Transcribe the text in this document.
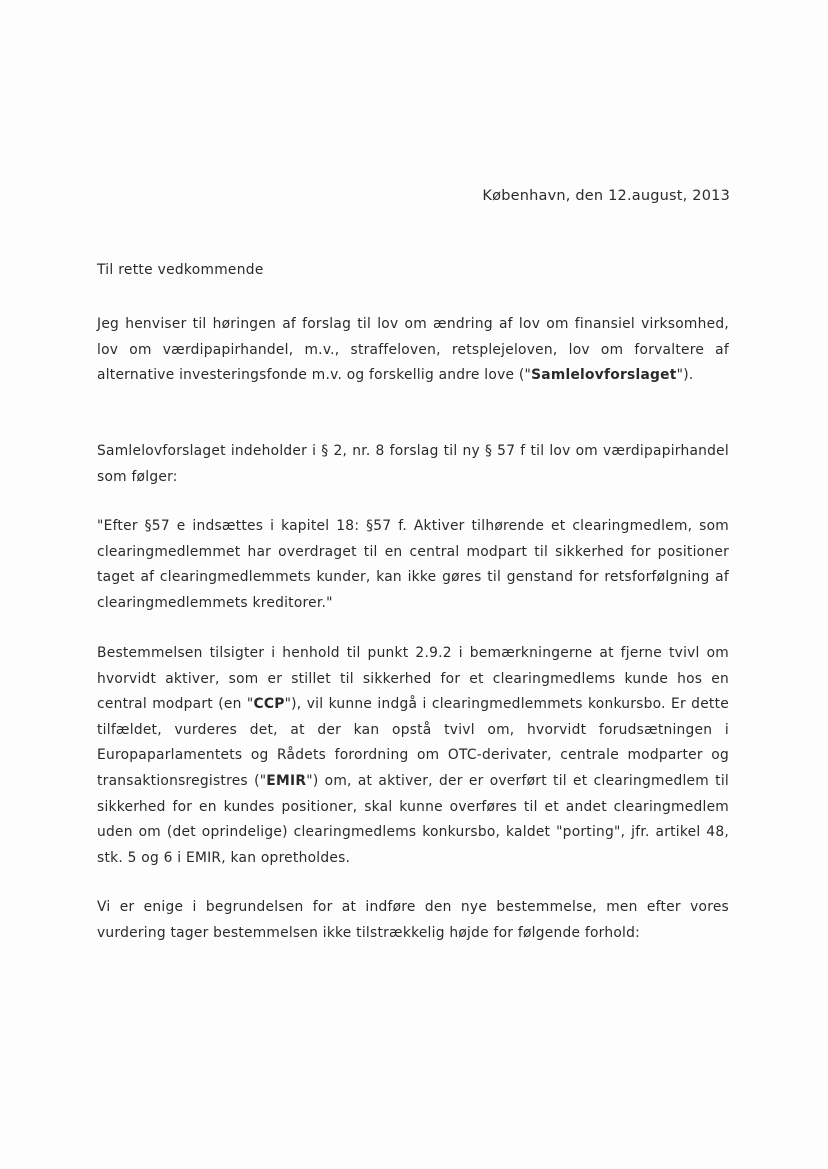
København, den 12.august, 2013
Til rette vedkommende

Jeg henviser til høringen af forslag til lov om ændring af lov om finansiel virksomhed, lov om værdipapirhandel, m.v., straffeloven, retsplejeloven, lov om forvaltere af alternative investeringsfonde m.v. og forskellig andre love ("Samlelovforslaget").

Samlelovforslaget indeholder i § 2, nr. 8 forslag til ny § 57 f til lov om værdipapirhandel som følger:

"Efter §57 e indsættes i kapitel 18: §57 f. Aktiver tilhørende et clearingmedlem, som clearingmedlemmet har overdraget til en central modpart til sikkerhed for positioner taget af clearingmedlemmets kunder, kan ikke gøres til genstand for retsforfølgning af clearingmedlemmets kreditorer."

Bestemmelsen tilsigter i henhold til punkt 2.9.2 i bemærkningerne at fjerne tvivl om hvorvidt aktiver, som er stillet til sikkerhed for et clearingmedlems kunde hos en central modpart (en "CCP"), vil kunne indgå i clearingmedlemmets konkursbo. Er dette tilfældet, vurderes det, at der kan opstå tvivl om, hvorvidt forudsætningen i Europaparlamentets og Rådets forordning om OTC-derivater, centrale modparter og transaktionsregistres ("EMIR") om, at aktiver, der er overført til et clearingmedlem til sikkerhed for en kundes positioner, skal kunne overføres til et andet clearingmedlem uden om (det oprindelige) clearingmedlems konkursbo, kaldet "porting", jfr. artikel 48, stk. 5 og 6 i EMIR, kan opretholdes.

Vi er enige i begrundelsen for at indføre den nye bestemmelse, men efter vores vurdering tager bestemmelsen ikke tilstrækkelig højde for følgende forhold:
